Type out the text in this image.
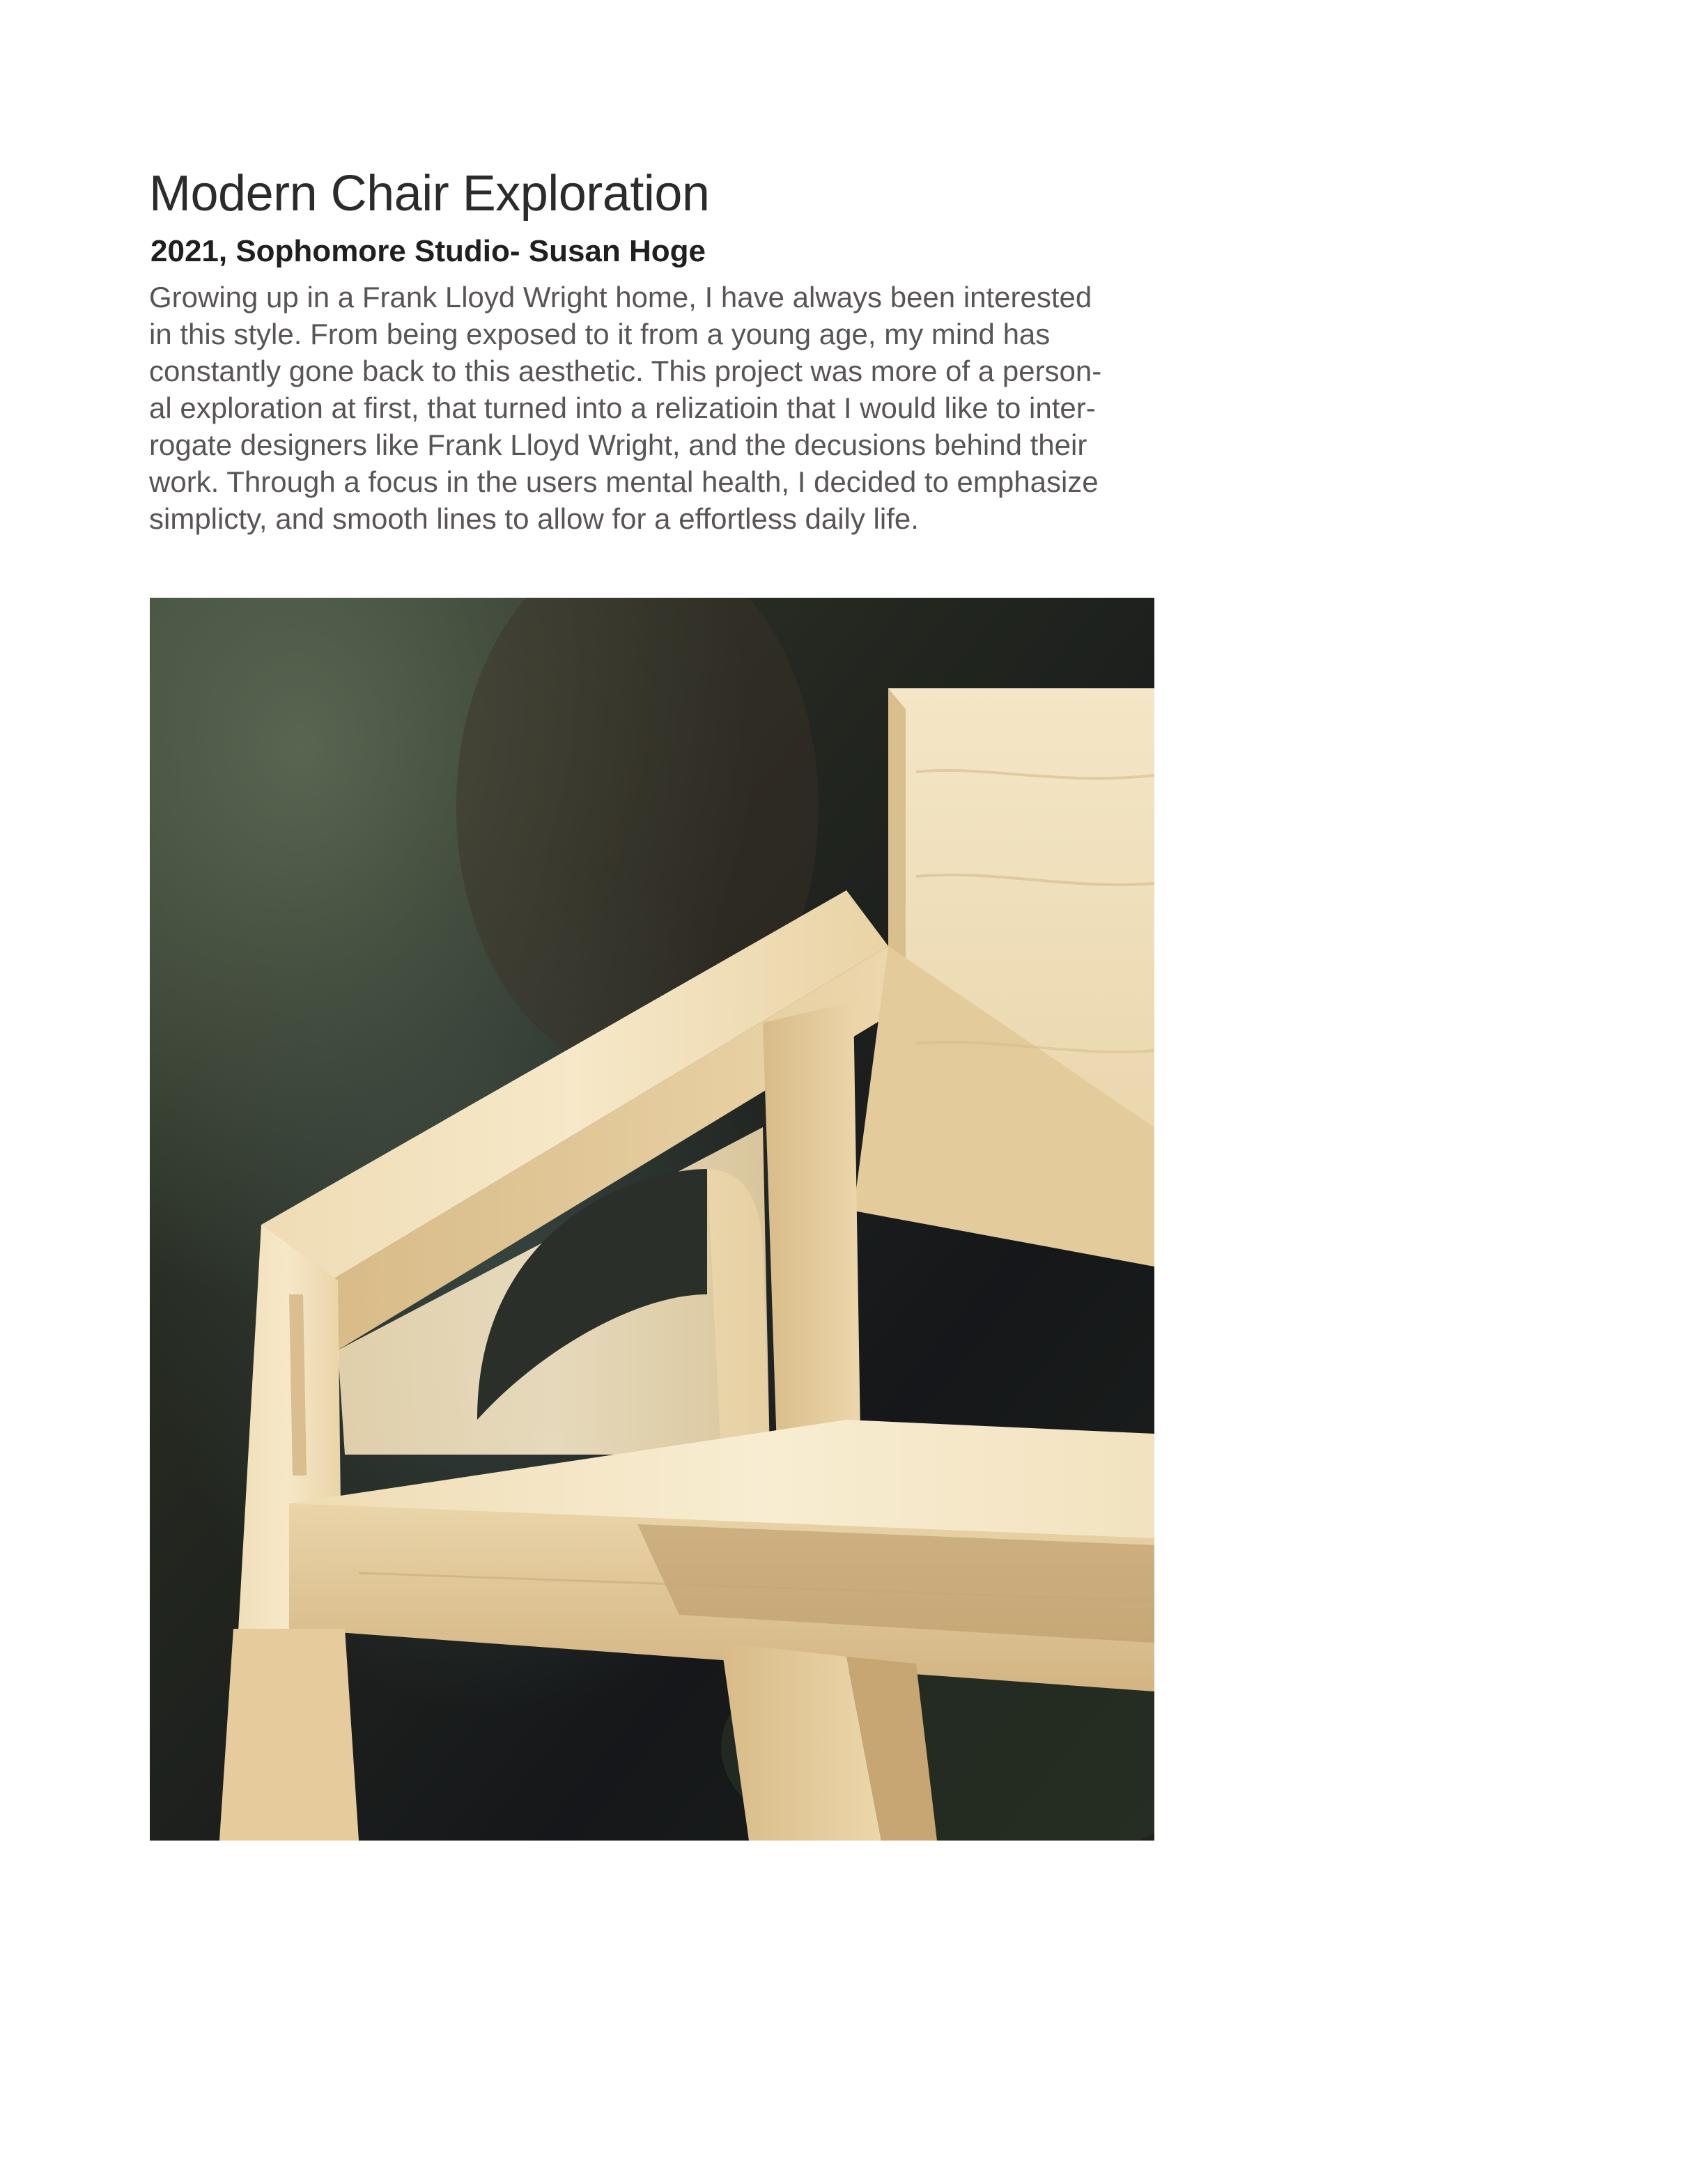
Modern Chair Exploration
2021, Sophomore Studio- Susan Hoge

Growing up in a Frank Lloyd Wright home, I have always been interested
in this style. From being exposed to it from a young age, my mind has
constantly gone back to this aesthetic. This project was more of a person-
al exploration at first, that turned into a relizatioin that I would like to inter-
rogate designers like Frank Lloyd Wright, and the decusions behind their
work. Through a focus in the users mental health, I decided to emphasize
simplicty, and smooth lines to allow for a effortless daily life.
